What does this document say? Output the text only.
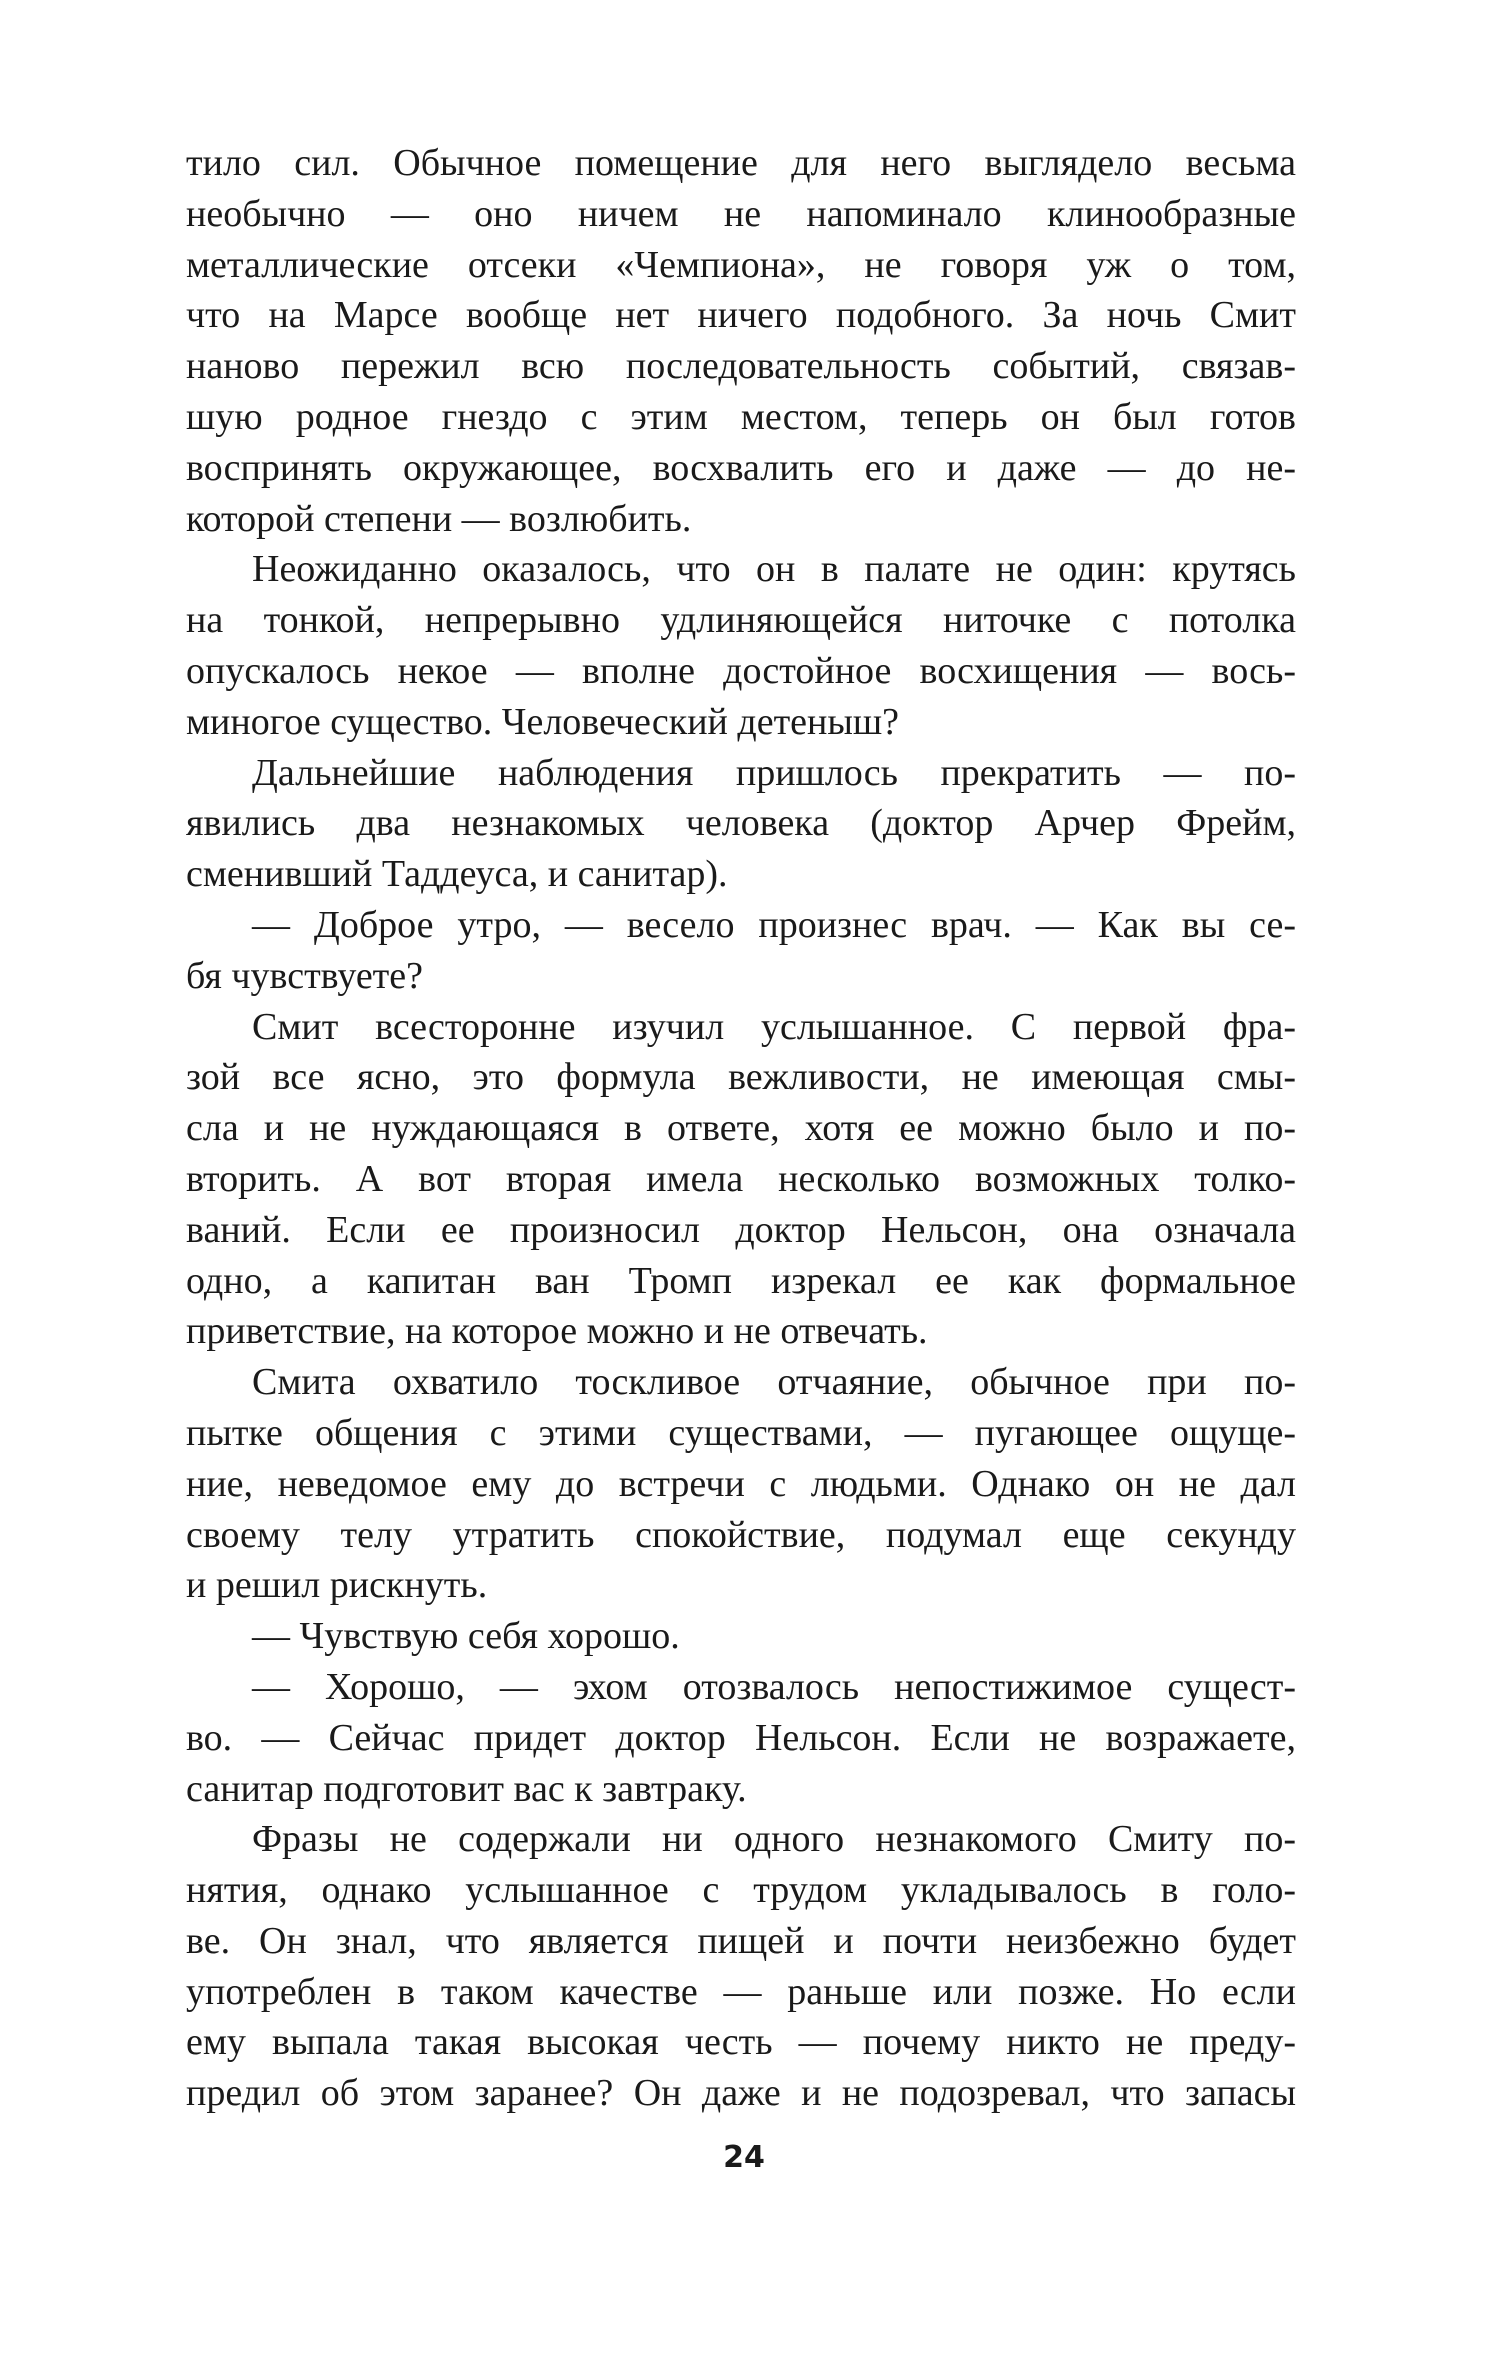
тило сил. Обычное помещение для него выглядело весьма
необычно — оно ничем не напоминало клинообразные
металлические отсеки «Чемпиона», не говоря уж о том,
что на Марсе вообще нет ничего подобного. За ночь Смит
наново пережил всю последовательность событий, связав-
шую родное гнездо с этим местом, теперь он был готов
воспринять окружающее, восхвалить его и даже — до не-
которой степени — возлюбить.
Неожиданно оказалось, что он в палате не один: крутясь
на тонкой, непрерывно удлиняющейся ниточке с потолка
опускалось некое — вполне достойное восхищения — вось-
миногое существо. Человеческий детеныш?
Дальнейшие наблюдения пришлось прекратить — по-
явились два незнакомых человека (доктор Арчер Фрейм,
сменивший Таддеуса, и санитар).
— Доброе утро, — весело произнес врач. — Как вы се-
бя чувствуете?
Смит всесторонне изучил услышанное. С первой фра-
зой все ясно, это формула вежливости, не имеющая смы-
сла и не нуждающаяся в ответе, хотя ее можно было и по-
вторить. А вот вторая имела несколько возможных толко-
ваний. Если ее произносил доктор Нельсон, она означала
одно, а капитан ван Тромп изрекал ее как формальное
приветствие, на которое можно и не отвечать.
Смита охватило тоскливое отчаяние, обычное при по-
пытке общения с этими существами, — пугающее ощуще-
ние, неведомое ему до встречи с людьми. Однако он не дал
своему телу утратить спокойствие, подумал еще секунду
и решил рискнуть.
— Чувствую себя хорошо.
— Хорошо, — эхом отозвалось непостижимое сущест-
во. — Сейчас придет доктор Нельсон. Если не возражаете,
санитар подготовит вас к завтраку.
Фразы не содержали ни одного незнакомого Смиту по-
нятия, однако услышанное с трудом укладывалось в голо-
ве. Он знал, что является пищей и почти неизбежно будет
употреблен в таком качестве — раньше или позже. Но если
ему выпала такая высокая честь — почему никто не преду-
предил об этом заранее? Он даже и не подозревал, что запасы
24
